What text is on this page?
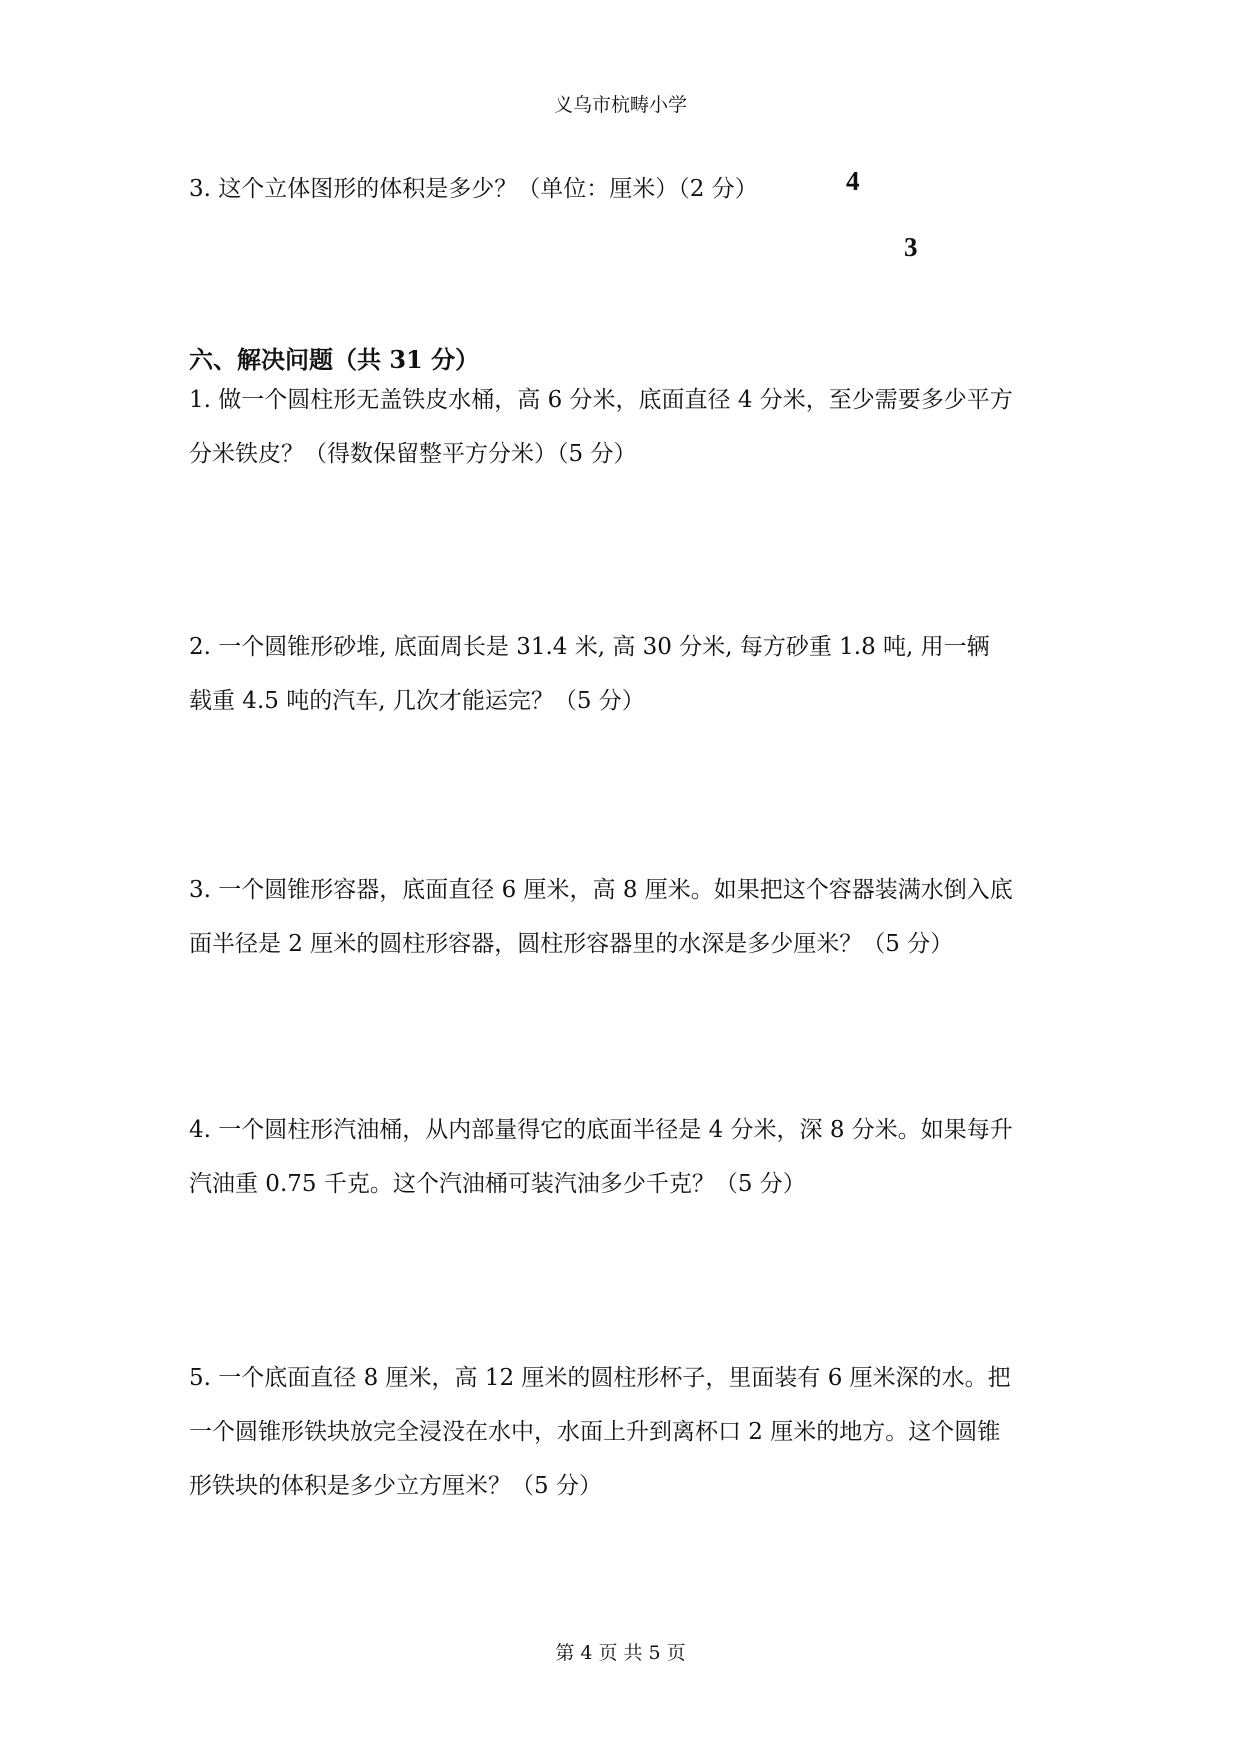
义乌市杭畴小学
3. 这个立体图形的体积是多少？（单位：厘米）（2 分）	4
3
六、解决问题（共 31 分）

1. 做一个圆柱形无盖铁皮水桶，高 6 分米，底面直径 4 分米，至少需要多少平方

分米铁皮？（得数保留整平方分米）（5 分）

2. 一个圆锥形砂堆, 底面周长是 31.4 米, 高 30 分米, 每方砂重 1.8 吨, 用一辆

载重 4.5 吨的汽车, 几次才能运完？（5 分）

3. 一个圆锥形容器，底面直径 6 厘米，高 8 厘米。如果把这个容器装满水倒入底

面半径是 2 厘米的圆柱形容器，圆柱形容器里的水深是多少厘米？（5 分）

4. 一个圆柱形汽油桶，从内部量得它的底面半径是 4 分米，深 8 分米。如果每升

汽油重 0.75 千克。这个汽油桶可装汽油多少千克？（5 分）

5. 一个底面直径 8 厘米，高 12 厘米的圆柱形杯子，里面装有 6 厘米深的水。把

一个圆锥形铁块放完全浸没在水中，水面上升到离杯口 2 厘米的地方。这个圆锥

形铁块的体积是多少立方厘米？（5 分）

第 4 页 共 5 页
